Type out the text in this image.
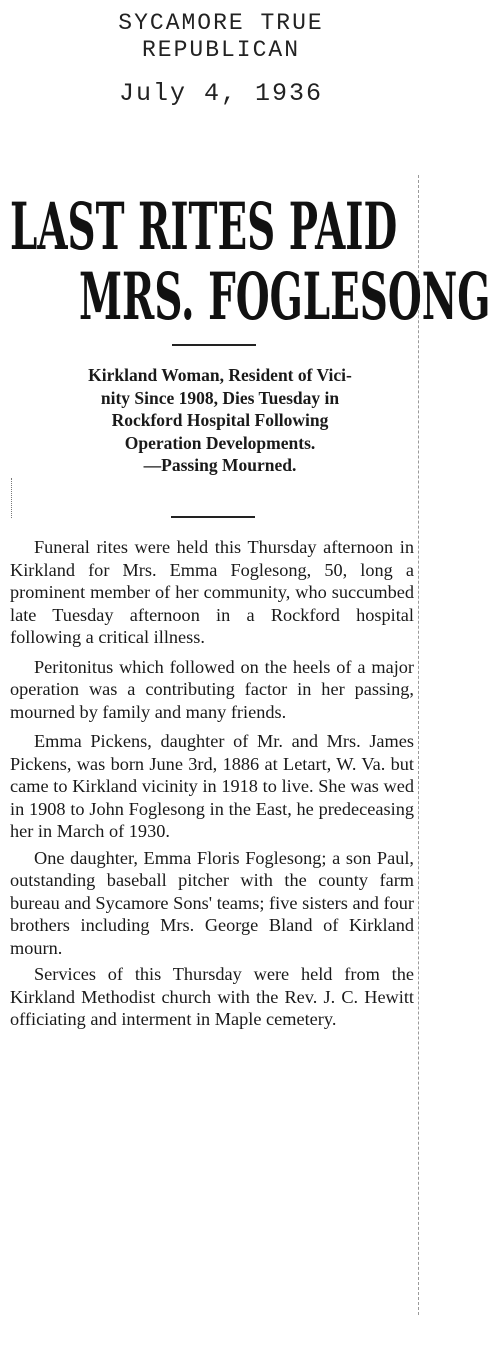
SYCAMORE TRUE
REPUBLICAN
July 4, 1936
LAST RITES PAID
MRS. FOGLESONG
Kirkland Woman, Resident of Vici-
nity Since 1908, Dies Tuesday in
Rockford Hospital Following
Operation Developments.
—Passing Mourned.

Funeral rites were held this Thursday afternoon in Kirkland for Mrs. Emma Foglesong, 50, long a prominent member of her community, who succumbed late Tuesday afternoon in a Rockford hospital following a critical illness.

Peritonitus which followed on the heels of a major operation was a contributing factor in her passing, mourned by family and many friends.

Emma Pickens, daughter of Mr. and Mrs. James Pickens, was born June 3rd, 1886 at Letart, W. Va. but came to Kirkland vicinity in 1918 to live. She was wed in 1908 to John Foglesong in the East, he predeceasing her in March of 1930.

One daughter, Emma Floris Foglesong; a son Paul, outstanding baseball pitcher with the county farm bureau and Sycamore Sons' teams; five sisters and four brothers including Mrs. George Bland of Kirkland mourn.

Services of this Thursday were held from the Kirkland Methodist church with the Rev. J. C. Hewitt officiating and interment in Maple cemetery.
